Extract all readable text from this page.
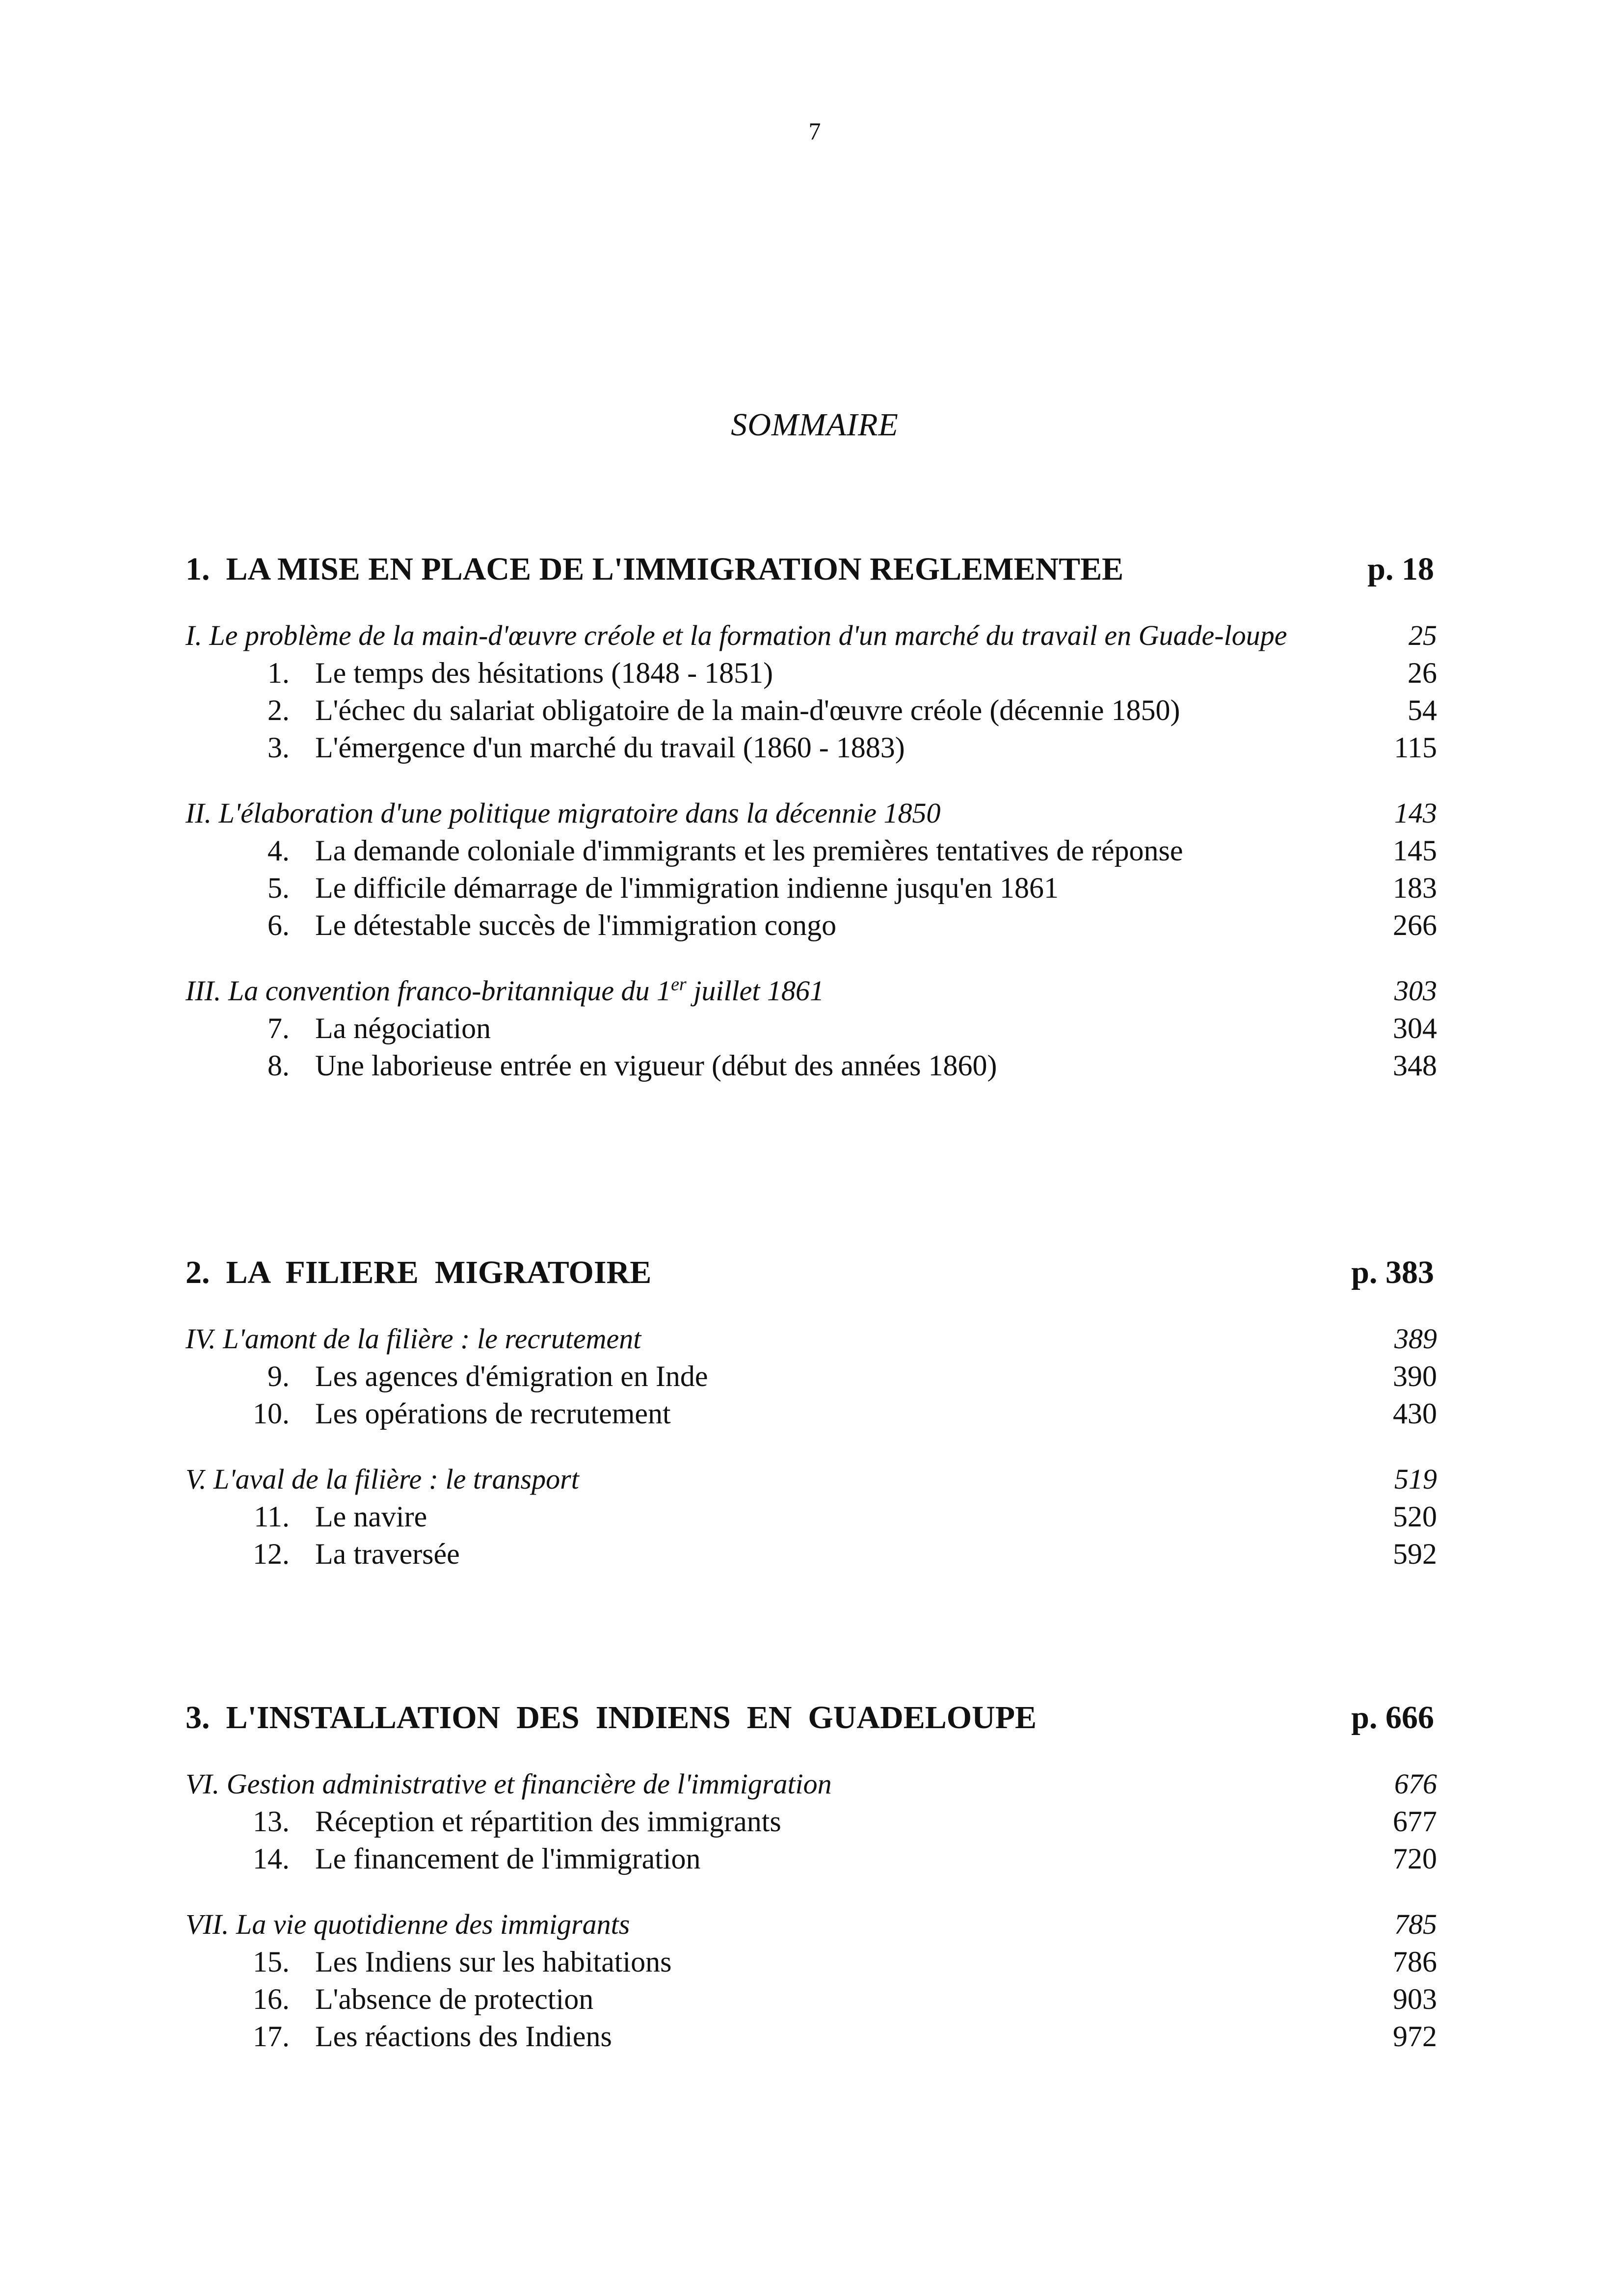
7
SOMMAIRE
1.  LA MISE EN PLACE DE L'IMMIGRATION REGLEMENTEE	p. 18
I. Le problème de la main-d'œuvre créole et la formation d'un marché du travail en Guade-loupe	25
1. Le temps des hésitations (1848 - 1851)	26
2. L'échec du salariat obligatoire de la main-d'œuvre créole (décennie 1850)	54
3. L'émergence d'un marché du travail (1860 - 1883)	115
II. L'élaboration d'une politique migratoire dans la décennie 1850	143
4. La demande coloniale d'immigrants et les premières tentatives de réponse	145
5. Le difficile démarrage de l'immigration indienne jusqu'en 1861	183
6. Le détestable succès de l'immigration congo	266
III. La convention franco-britannique du 1er juillet 1861	303
7. La négociation	304
8. Une laborieuse entrée en vigueur (début des années 1860)	348
2.  LA  FILIERE  MIGRATOIRE	p. 383
IV. L'amont de la filière : le recrutement	389
9. Les agences d'émigration en Inde	390
10. Les opérations de recrutement	430
V. L'aval de la filière : le transport	519
11. Le navire	520
12. La traversée	592
3.  L'INSTALLATION  DES  INDIENS  EN  GUADELOUPE	p. 666
VI. Gestion administrative et financière de l'immigration	676
13. Réception et répartition des immigrants	677
14. Le financement de l'immigration	720
VII. La vie quotidienne des immigrants	785
15. Les Indiens sur les habitations	786
16. L'absence de protection	903
17. Les réactions des Indiens	972
